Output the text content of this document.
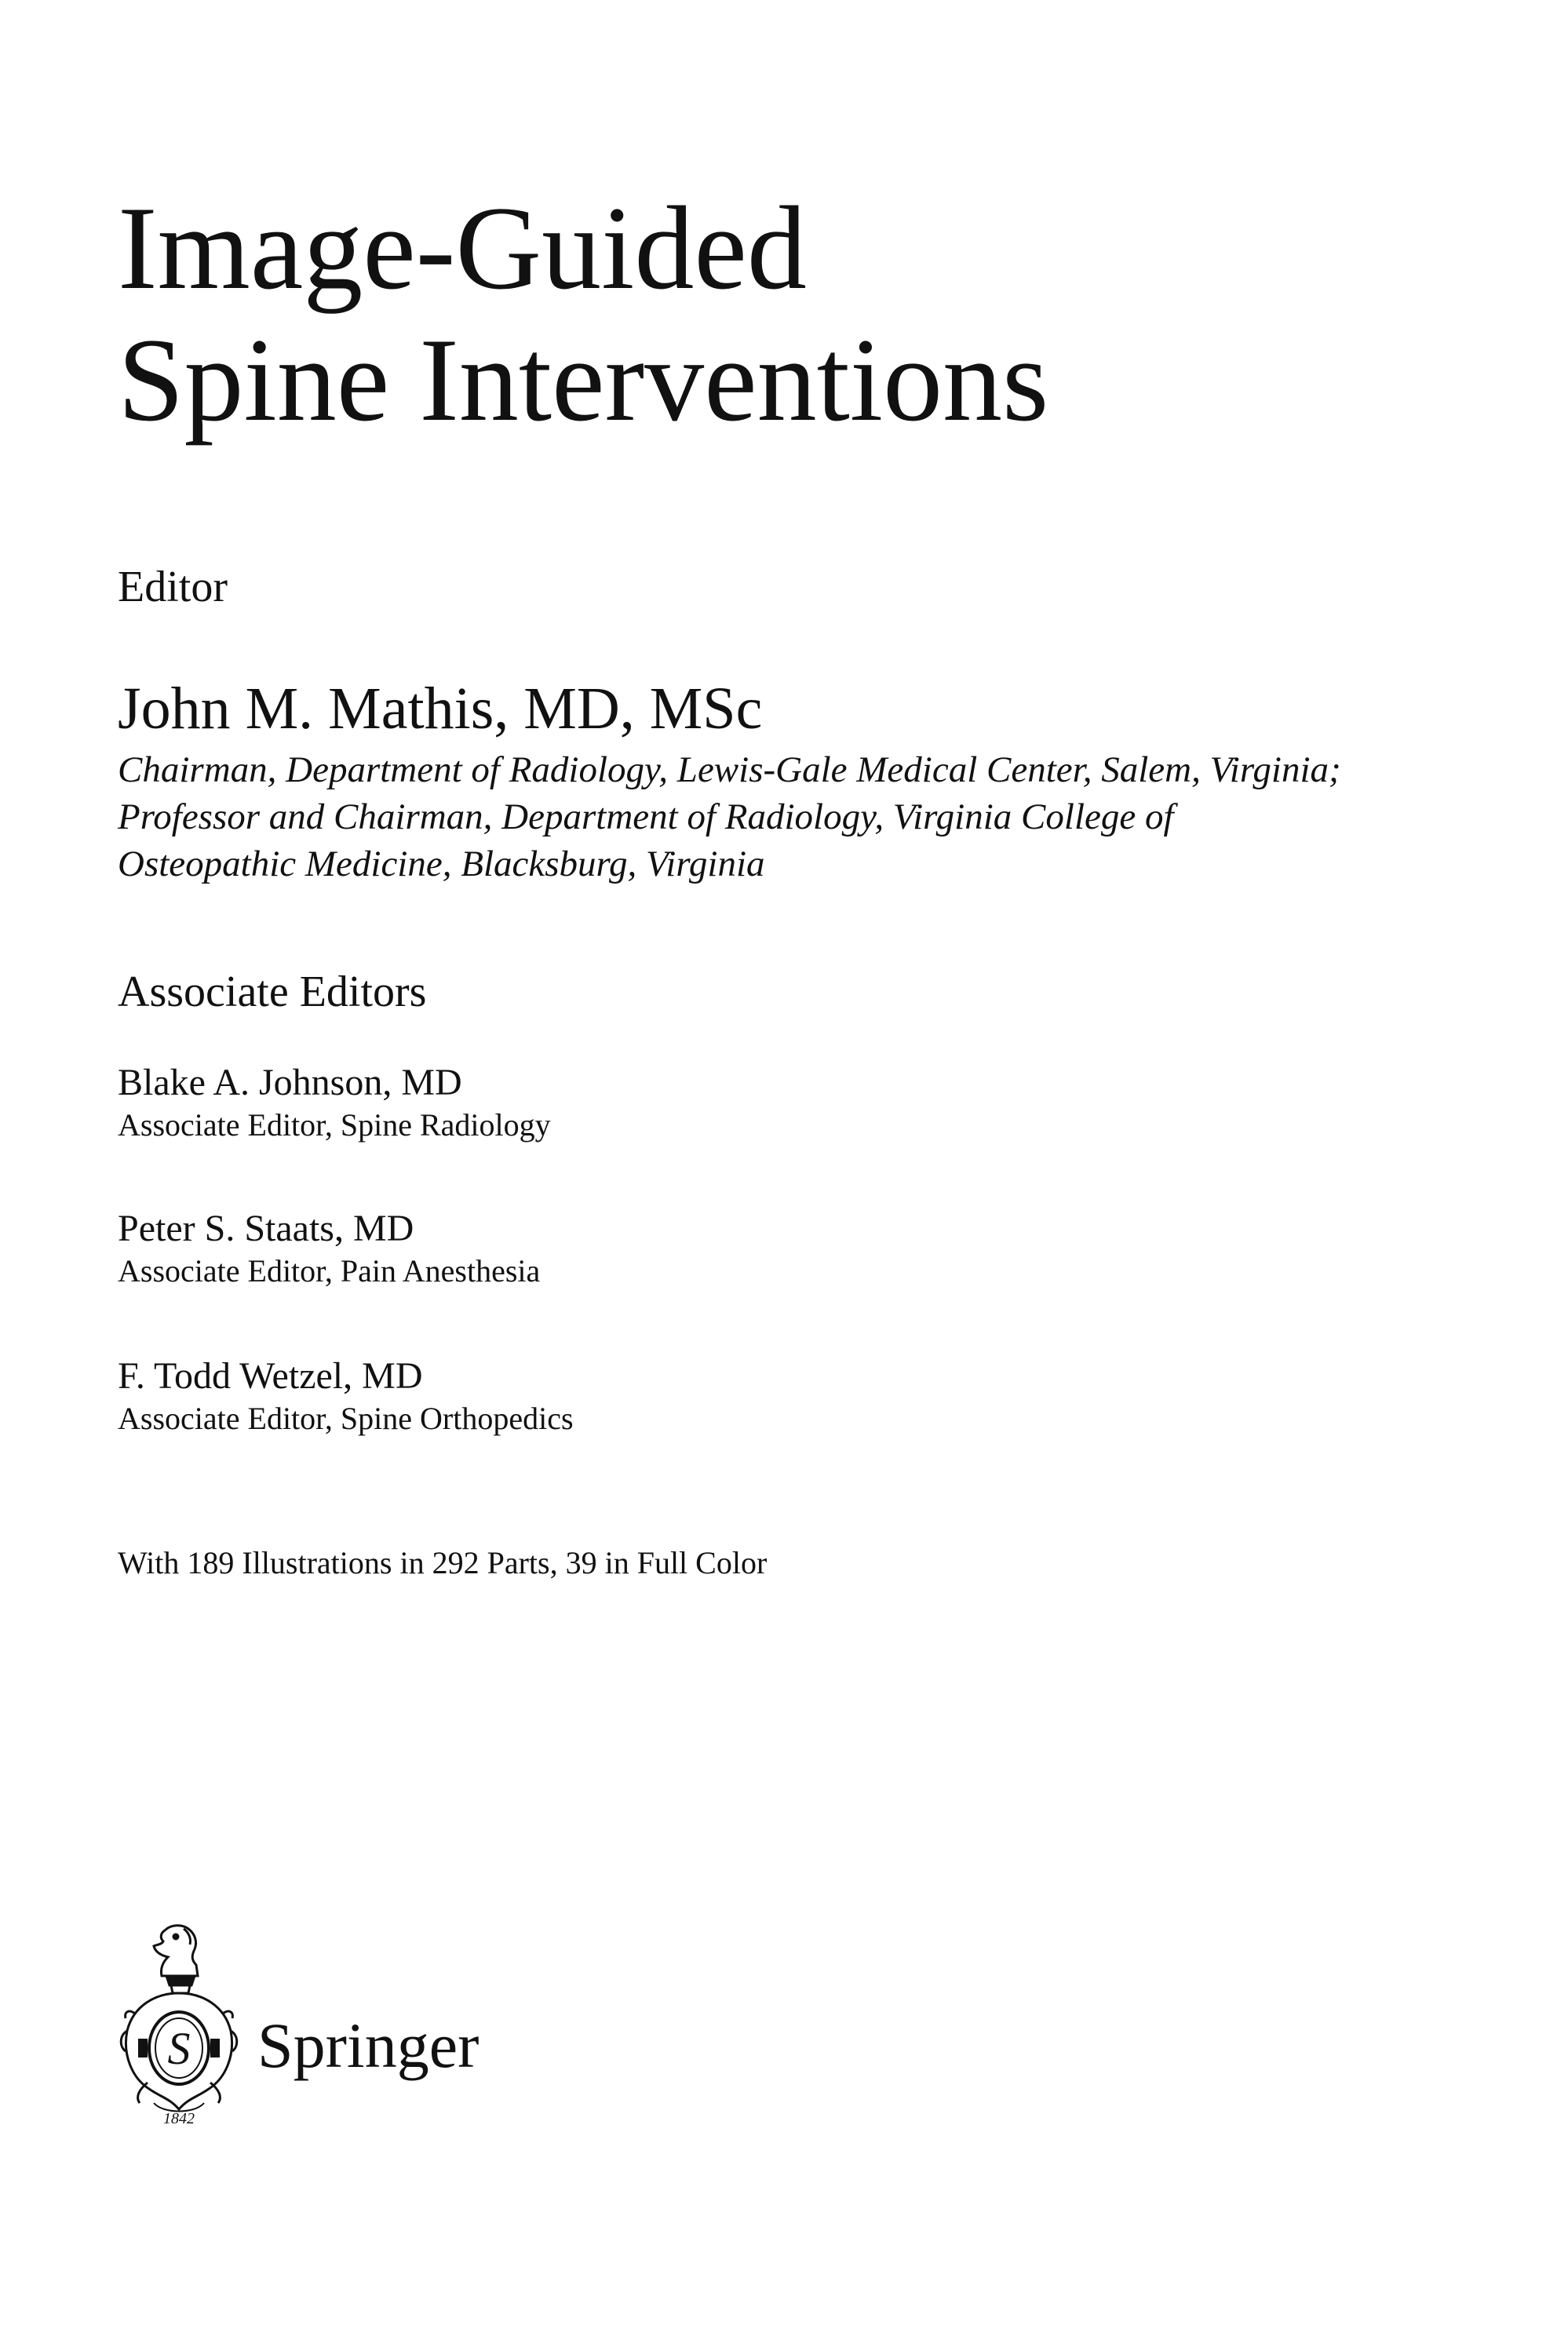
Image-Guided
Spine Interventions
Editor
John M. Mathis, MD, MSc
Chairman, Department of Radiology, Lewis-Gale Medical Center, Salem, Virginia;
Professor and Chairman, Department of Radiology, Virginia College of
Osteopathic Medicine, Blacksburg, Virginia
Associate Editors
Blake A. Johnson, MD
Associate Editor, Spine Radiology
Peter S. Staats, MD
Associate Editor, Pain Anesthesia
F. Todd Wetzel, MD
Associate Editor, Spine Orthopedics
With 189 Illustrations in 292 Parts, 39 in Full Color
S
1842
Springer
